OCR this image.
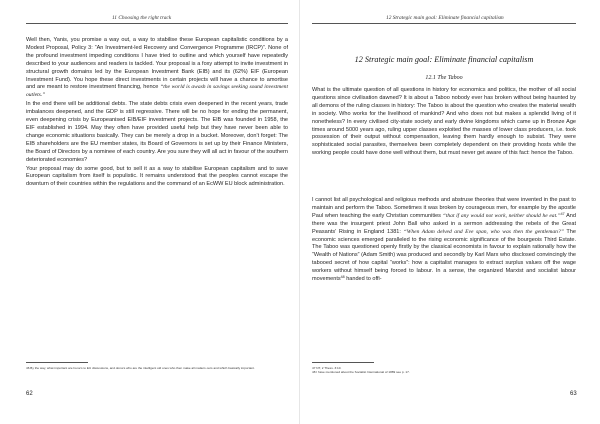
11 Choosing the right track

Well then, Yanis, you promise a way out, a way to stabilise these European capitalistic conditions by a Modest Proposal, Policy 3: “An Investment-led Recovery and Convergence Programme (IRCP)”. None of the profound investment impeding conditions I have tried to outline and which yourself have repeatedly described to your audiences and readers is tackled. Your proposal is a foxy attempt to invite investment in structural growth domains led by the European Investment Bank (EIB) and its (62%) EIF (European Investment Fund). You hope these direct investments in certain projects will have a chance to amortise and are meant to restore investment financing, hence “the world is awash in savings seeking sound investment outlets.”

In the end there will be additional debts. The state debts crisis even deepened in the recent years, trade imbalances deepened, and the GDP is still regressive. There will be no hope for ending the permanent, even deepening crisis by Europeanised EIB/EIF investment projects. The EIB was founded in 1958, the EIF established in 1994. May they often have provided useful help but they have never been able to change economic situations basically. They can be merely a drop in a bucket. Moreover, don’t forget: The EIB shareholders are the EU member states, its Board of Governors is set up by their Finance Ministers, the Board of Directors by a nominee of each country. Are you sure they will all act in favour of the southern deteriorated economies?

Your proposal may do some good, but to sell it as a way to stabilise European capitalism and to save European capitalism from itself is populistic. It remains understood that the peoples cannot escape the downturn of their countries within the regulations and the command of an EcWW EU block administration.

46 By the way, what important are Irene's to EU discussions, and donors who are the intelligent old ones who then make all matters ours and which basically important.
62
12 Strategic main goal: Eliminate financial capitalism
12 Strategic main goal: Eliminate financial capitalism
12.1 The Taboo
What is the ultimate question of all questions in history for economics and politics, the mother of all social questions since civilisation dawned? It is about a Taboo nobody ever has broken without being haunted by all demons of the ruling classes in history: The Taboo is about the question who creates the material wealth in society. Who works for the livelihood of mankind? And who does not but makes a splendid living of it nonetheless? In every civilised city-state society and early divine kingdoms which came up in Bronze Age times around 5000 years ago, ruling upper classes exploited the masses of lower class producers, i.e. took possession of their output without compensation, leaving them hardly enough to subsist. They were sophisticated social parasites, themselves been completely dependent on their providing hosts while the working people could have done well without them, but must never get aware of this fact: hence the Taboo.

I cannot list all psychological and religious methods and abstruse theories that were invented in the past to maintain and perform the Taboo. Sometimes it was broken by courageous men, for example by the apostle Paul when teaching the early Christian communities “that if any would not work, neither should he eat.”$^{47}$ And there was the insurgent priest John Ball who asked in a sermon addressing the rebels of the Great Peasants’ Rising in England 1381: “When Adam delved and Eve span, who was then the gentleman?” The economic sciences emerged paralleled to the rising economic significance of the bourgeois Third Estate. The Taboo was questioned openly firstly by the classical economists in favour to explain rationally how the “Wealth of Nations” (Adam Smith) was produced and secondly by Karl Marx who disclosed convincingly the tabooed secret of how capital “works”: how a capitalist manages to extract surplus values off the wage workers without himself being forced to labour. In a sense, the organized Marxist and socialist labour movements$^{48}$ handed to offi-

47 NT, 2 Thess. 3:10.
48 I have mentioned about the Socialist International of 1889 see p. 17.
63
